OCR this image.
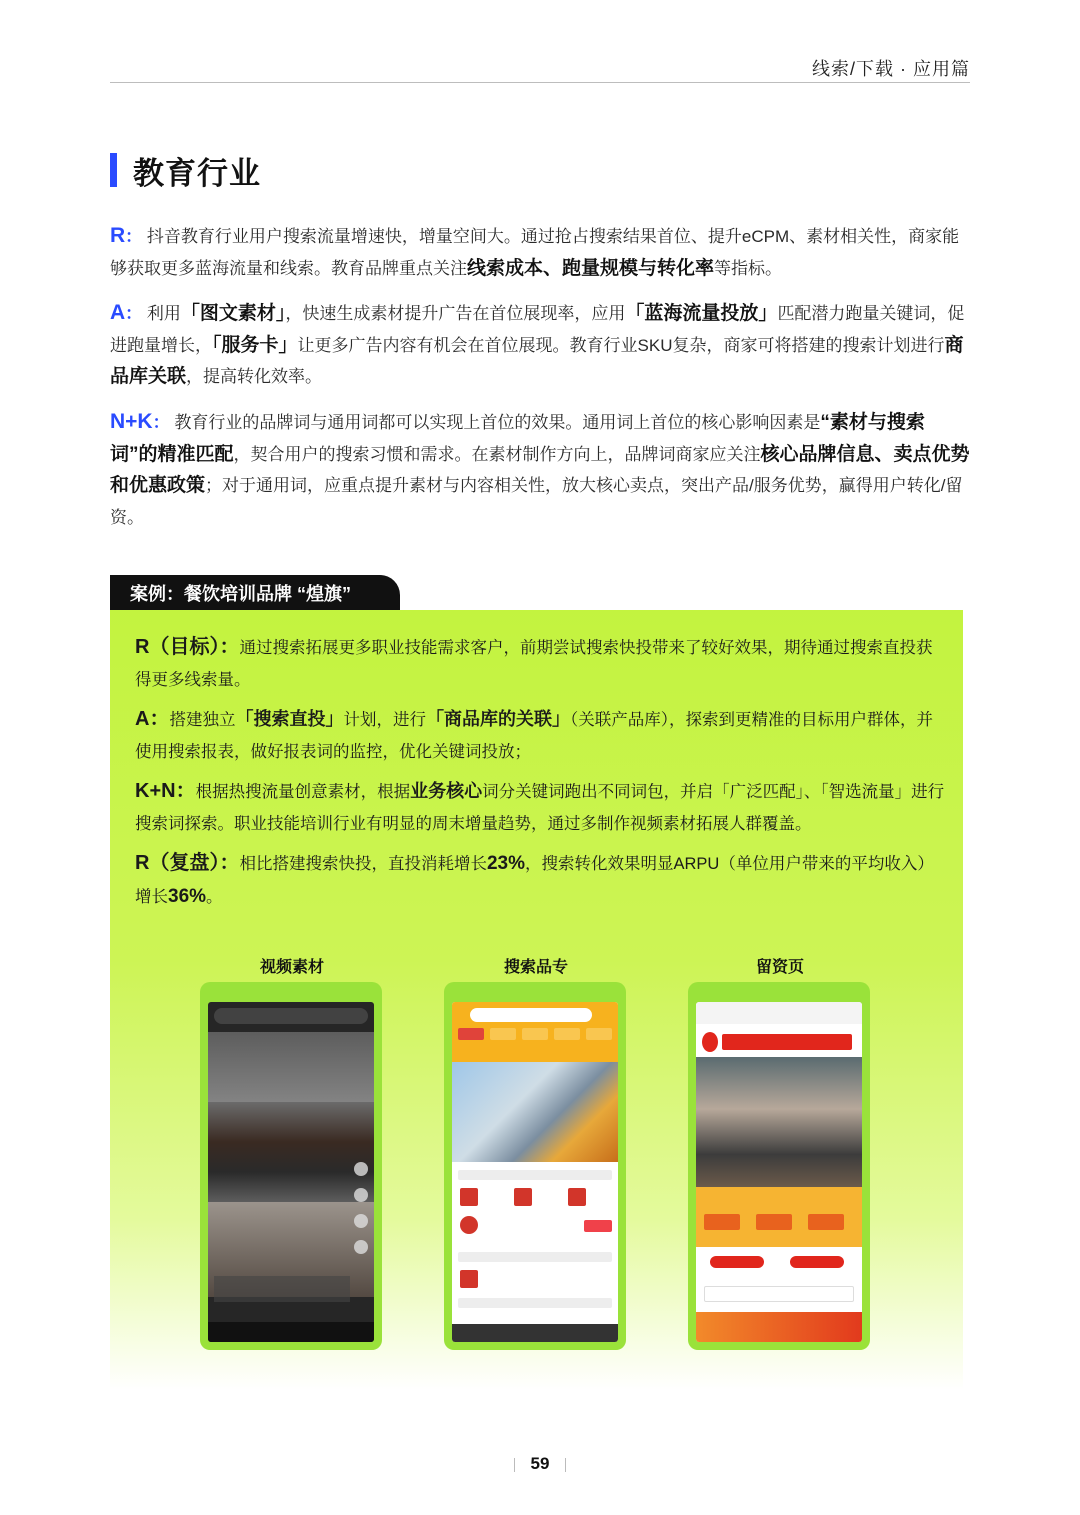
线索/下载 · 应用篇
教育行业

R： 抖音教育行业用户搜索流量增速快，增量空间大。通过抢占搜索结果首位、提升eCPM、素材相关性，商家能够获取更多蓝海流量和线索。教育品牌重点关注线索成本、跑量规模与转化率等指标。

A： 利用「图文素材」，快速生成素材提升广告在首位展现率，应用「蓝海流量投放」匹配潜力跑量关键词，促进跑量增长，「服务卡」让更多广告内容有机会在首位展现。教育行业SKU复杂，商家可将搭建的搜索计划进行商品库关联，提高转化效率。

N+K： 教育行业的品牌词与通用词都可以实现上首位的效果。通用词上首位的核心影响因素是“素材与搜索词”的精准匹配，契合用户的搜索习惯和需求。在素材制作方向上，品牌词商家应关注核心品牌信息、卖点优势和优惠政策；对于通用词，应重点提升素材与内容相关性，放大核心卖点，突出产品/服务优势，赢得用户转化/留资。

案例：餐饮培训品牌 “煌旗”

R（目标）：通过搜索拓展更多职业技能需求客户，前期尝试搜索快投带来了较好效果，期待通过搜索直投获得更多线索量。

A：搭建独立「搜索直投」计划，进行「商品库的关联」（关联产品库），探索到更精准的目标用户群体，并使用搜索报表，做好报表词的监控，优化关键词投放；

K+N：根据热搜流量创意素材，根据业务核心词分关键词跑出不同词包，并启「广泛匹配」、「智选流量」进行搜索词探索。职业技能培训行业有明显的周末增量趋势，通过多制作视频素材拓展人群覆盖。

R（复盘）：相比搭建搜索快投，直投消耗增长23%，搜索转化效果明显ARPU（单位用户带来的平均收入）增长36%。

视频素材	搜索品专	留资页
59
